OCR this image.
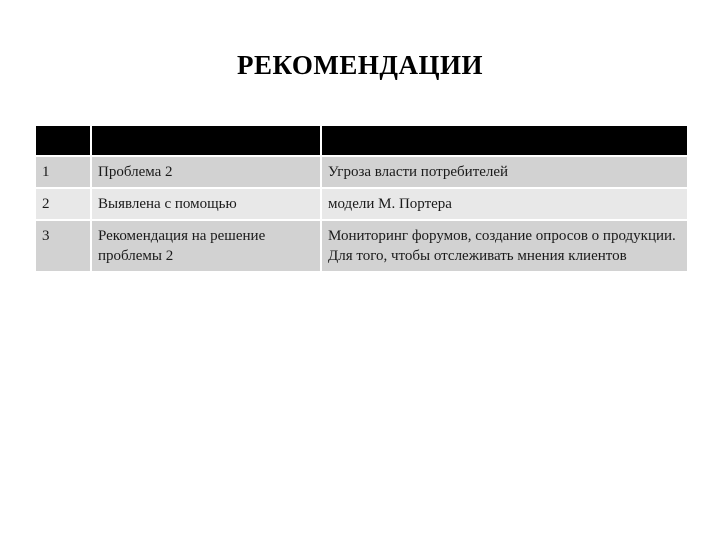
РЕКОМЕНДАЦИИ

1	Проблема 2	Угроза власти потребителей
2	Выявлена с помощью	модели М. Портера
3	Рекомендация на решение проблемы 2	Мониторинг форумов, создание опросов о продукции. Для того, чтобы отслеживать мнения клиентов
